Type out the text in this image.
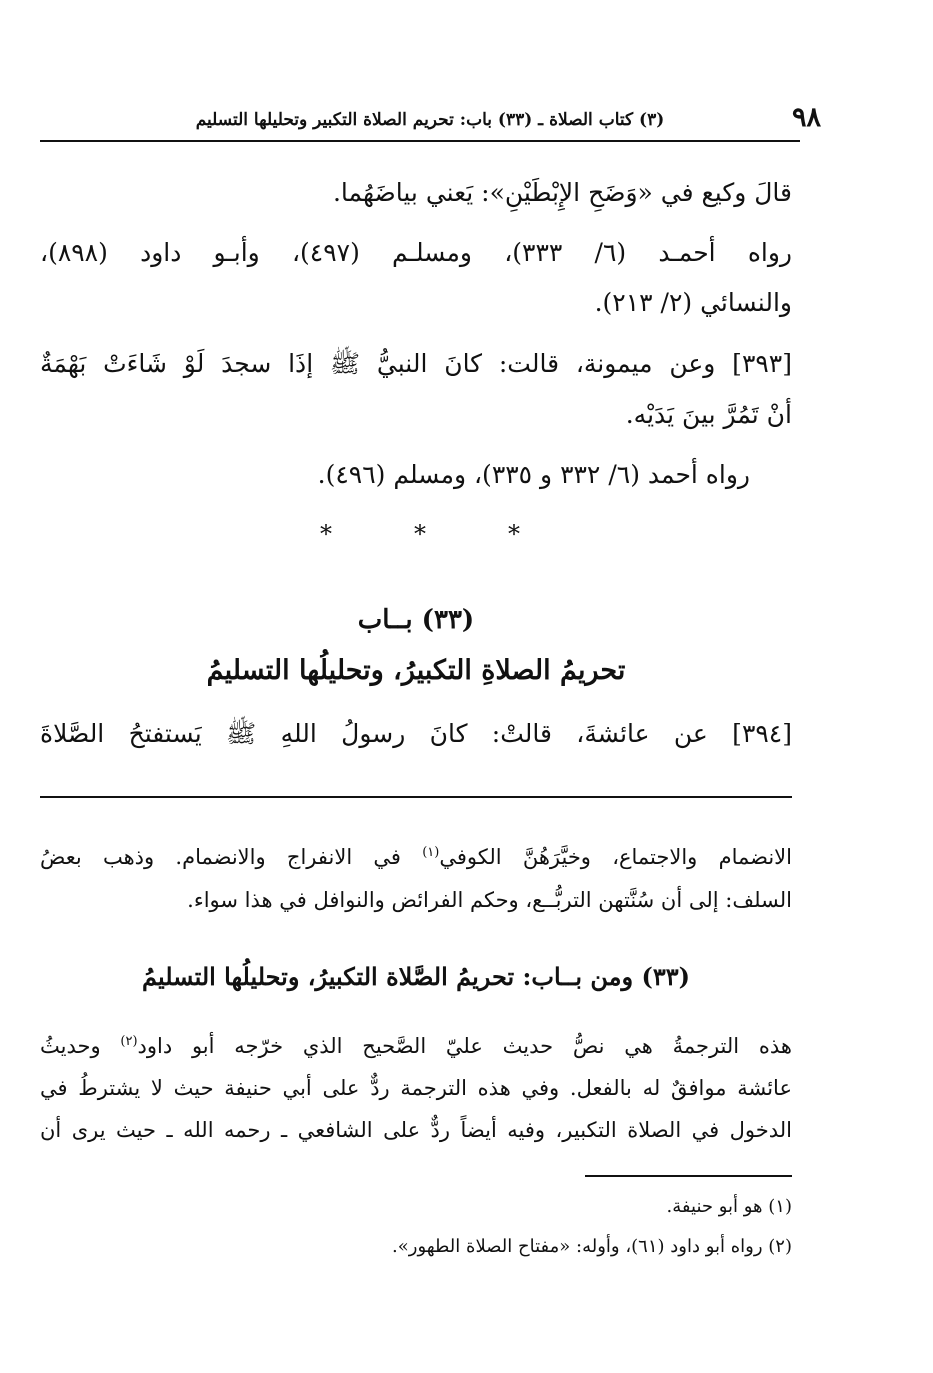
٩٨
(٣) كتاب الصلاة ـ (٣٣) باب: تحريم الصلاة التكبير وتحليلها التسليم
قالَ وكيع في «وَضَحِ الإِبْطَيْنِ»: يَعني بياضَهُما.
رواه أحمـد (٦/ ٣٣٣)، ومسلـم (٤٩٧)، وأبـو داود (٨٩٨)،
والنسائي (٢/ ٢١٣).
[٣٩٣] وعن ميمونة، قالت: كانَ النبيُّ ﷺ إذَا سجدَ لَوْ شَاءَتْ بَهْمَةٌ
أنْ تَمُرَّ بينَ يَدَيْه.
رواه أحمد (٦/ ٣٣٢ و ٣٣٥)، ومسلم (٤٩٦).
*	*	*
(٣٣) بــاب
تحريمُ الصلاةِ التكبيرُ، وتحليلُها التسليمُ
[٣٩٤] عن عائشةَ، قالتْ: كانَ رسولُ اللهِ ﷺ يَستفتحُ الصَّلاةَ
الانضمام والاجتماع، وخيَّرَهُنَّ الكوفي$^{(١)}$ في الانفراج والانضمام. وذهب بعضُ
السلف: إلى أن سُنَّتهن التربُّــع، وحكم الفرائض والنوافل في هذا سواء.
(٣٣) ومن بــاب: تحريمُ الصَّلاة التكبيرُ، وتحليلُها التسليمُ
هذه الترجمةُ هي نصُّ حديث عليّ الصَّحيح الذي خرّجه أبو داود$^{(٢)}$ وحديثُ
عائشة موافقٌ له بالفعل. وفي هذه الترجمة ردٌّ على أبي حنيفة حيث لا يشترطُ في
الدخول في الصلاة التكبير، وفيه أيضاً ردٌّ على الشافعي ـ رحمه الله ـ حيث يرى أن
(١) هو أبو حنيفة.
(٢) رواه أبو داود (٦١)، وأوله: «مفتاح الصلاة الطهور».
